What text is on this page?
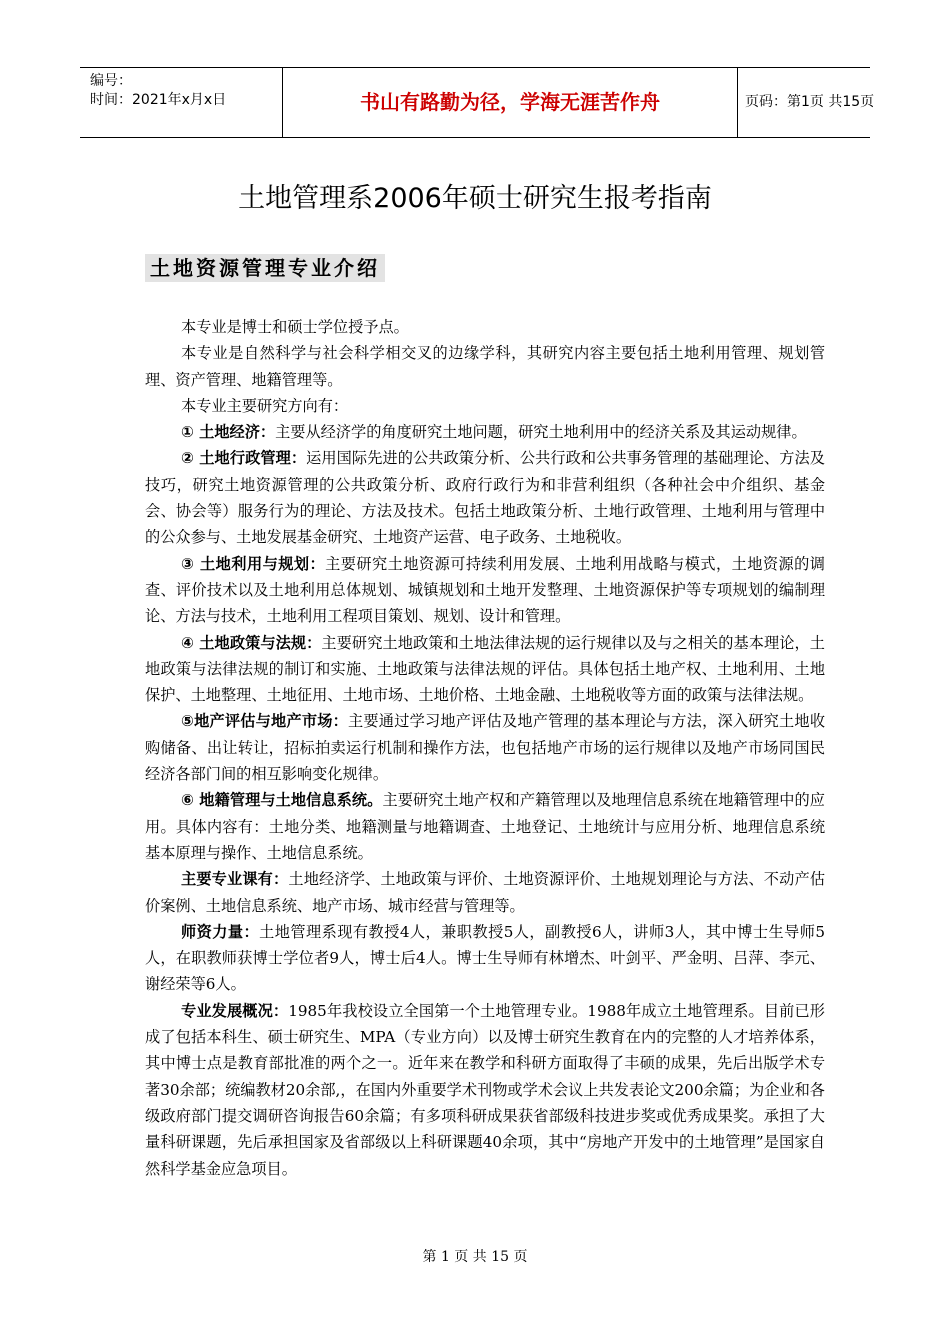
编号：
时间：2021年x月x日	书山有路勤为径，学海无涯苦作舟	页码：第1页 共15页
土地管理系2006年硕士研究生报考指南
土地资源管理专业介绍

本专业是博士和硕士学位授予点。

本专业是自然科学与社会科学相交叉的边缘学科，其研究内容主要包括土地利用管理、规划管理、资产管理、地籍管理等。

本专业主要研究方向有：

① 土地经济：主要从经济学的角度研究土地问题，研究土地利用中的经济关系及其运动规律。

② 土地行政管理：运用国际先进的公共政策分析、公共行政和公共事务管理的基础理论、方法及技巧，研究土地资源管理的公共政策分析、政府行政行为和非营利组织（各种社会中介组织、基金会、协会等）服务行为的理论、方法及技术。包括土地政策分析、土地行政管理、土地利用与管理中的公众参与、土地发展基金研究、土地资产运营、电子政务、土地税收。

③ 土地利用与规划：主要研究土地资源可持续利用发展、土地利用战略与模式，土地资源的调查、评价技术以及土地利用总体规划、城镇规划和土地开发整理、土地资源保护等专项规划的编制理论、方法与技术，土地利用工程项目策划、规划、设计和管理。

④ 土地政策与法规：主要研究土地政策和土地法律法规的运行规律以及与之相关的基本理论，土地政策与法律法规的制订和实施、土地政策与法律法规的评估。具体包括土地产权、土地利用、土地保护、土地整理、土地征用、土地市场、土地价格、土地金融、土地税收等方面的政策与法律法规。

⑤地产评估与地产市场：主要通过学习地产评估及地产管理的基本理论与方法，深入研究土地收购储备、出让转让，招标拍卖运行机制和操作方法，也包括地产市场的运行规律以及地产市场同国民经济各部门间的相互影响变化规律。

⑥ 地籍管理与土地信息系统。主要研究土地产权和产籍管理以及地理信息系统在地籍管理中的应用。具体内容有：土地分类、地籍测量与地籍调查、土地登记、土地统计与应用分析、地理信息系统基本原理与操作、土地信息系统。

主要专业课有：土地经济学、土地政策与评价、土地资源评价、土地规划理论与方法、不动产估价案例、土地信息系统、地产市场、城市经营与管理等。

师资力量：土地管理系现有教授4人，兼职教授5人，副教授6人，讲师3人，其中博士生导师5人，在职教师获博士学位者9人，博士后4人。博士生导师有林增杰、叶剑平、严金明、吕萍、李元、谢经荣等6人。

专业发展概况：1985年我校设立全国第一个土地管理专业。1988年成立土地管理系。目前已形成了包括本科生、硕士研究生、MPA（专业方向）以及博士研究生教育在内的完整的人才培养体系，其中博士点是教育部批准的两个之一。近年来在教学和科研方面取得了丰硕的成果，先后出版学术专著30余部；统编教材20余部,，在国内外重要学术刊物或学术会议上共发表论文200余篇；为企业和各级政府部门提交调研咨询报告60余篇；有多项科研成果获省部级科技进步奖或优秀成果奖。承担了大量科研课题，先后承担国家及省部级以上科研课题40余项，其中“房地产开发中的土地管理”是国家自然科学基金应急项目。

第 1 页 共 15 页
